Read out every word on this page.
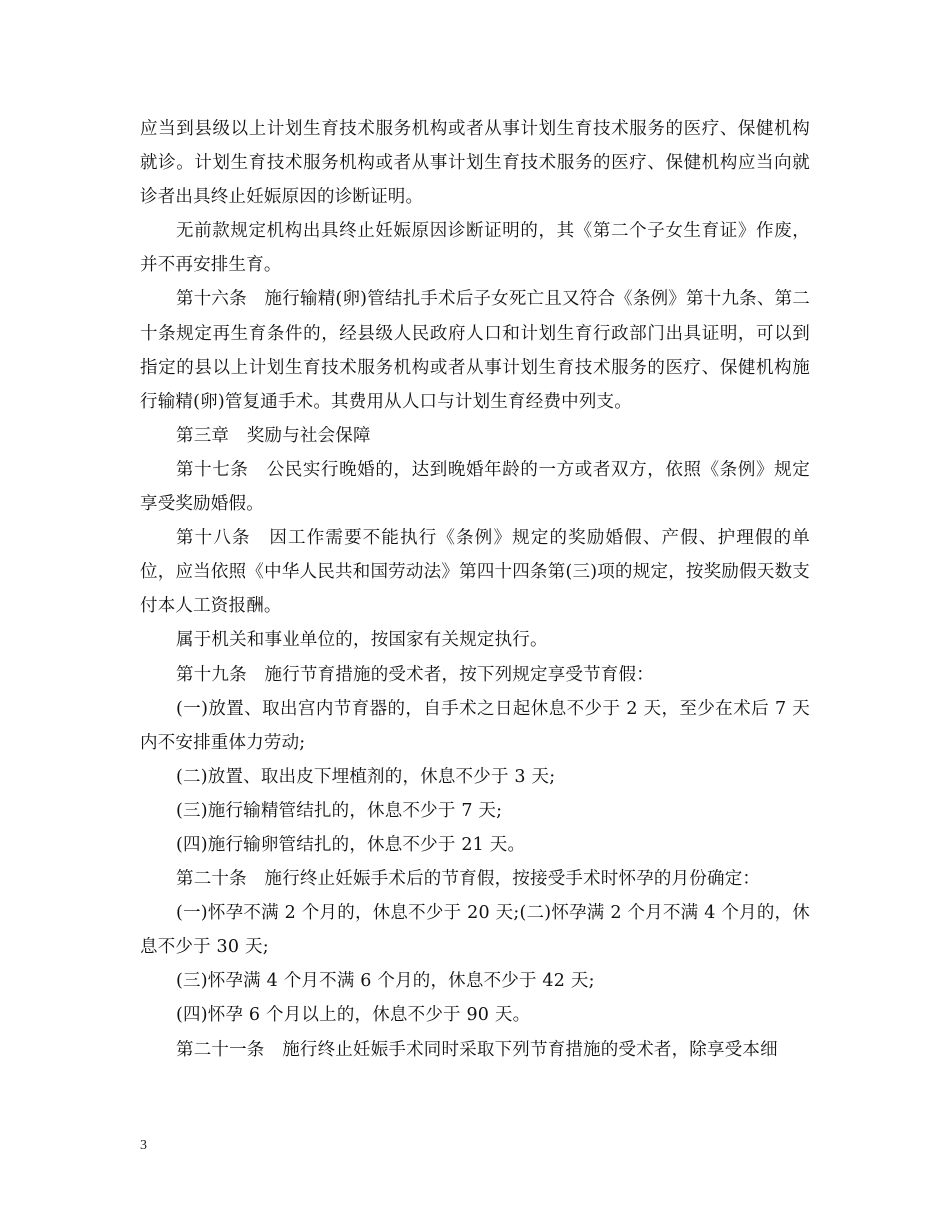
应当到县级以上计划生育技术服务机构或者从事计划生育技术服务的医疗、保健机构就诊。计划生育技术服务机构或者从事计划生育技术服务的医疗、保健机构应当向就诊者出具终止妊娠原因的诊断证明。

无前款规定机构出具终止妊娠原因诊断证明的，其《第二个子女生育证》作废，并不再安排生育。

第十六条　施行输精(卵)管结扎手术后子女死亡且又符合《条例》第十九条、第二十条规定再生育条件的，经县级人民政府人口和计划生育行政部门出具证明，可以到指定的县以上计划生育技术服务机构或者从事计划生育技术服务的医疗、保健机构施行输精(卵)管复通手术。其费用从人口与计划生育经费中列支。

第三章　奖励与社会保障

第十七条　公民实行晚婚的，达到晚婚年龄的一方或者双方，依照《条例》规定享受奖励婚假。

第十八条　因工作需要不能执行《条例》规定的奖励婚假、产假、护理假的单位，应当依照《中华人民共和国劳动法》第四十四条第(三)项的规定，按奖励假天数支付本人工资报酬。

属于机关和事业单位的，按国家有关规定执行。

第十九条　施行节育措施的受术者，按下列规定享受节育假：

(一)放置、取出宫内节育器的，自手术之日起休息不少于 2 天，至少在术后 7 天内不安排重体力劳动;

(二)放置、取出皮下埋植剂的，休息不少于 3 天;

(三)施行输精管结扎的，休息不少于 7 天;

(四)施行输卵管结扎的，休息不少于 21 天。

第二十条　施行终止妊娠手术后的节育假，按接受手术时怀孕的月份确定：

(一)怀孕不满 2 个月的，休息不少于 20 天;(二)怀孕满 2 个月不满 4 个月的，休息不少于 30 天;

(三)怀孕满 4 个月不满 6 个月的，休息不少于 42 天;

(四)怀孕 6 个月以上的，休息不少于 90 天。

第二十一条　施行终止妊娠手术同时采取下列节育措施的受术者，除享受本细

3
